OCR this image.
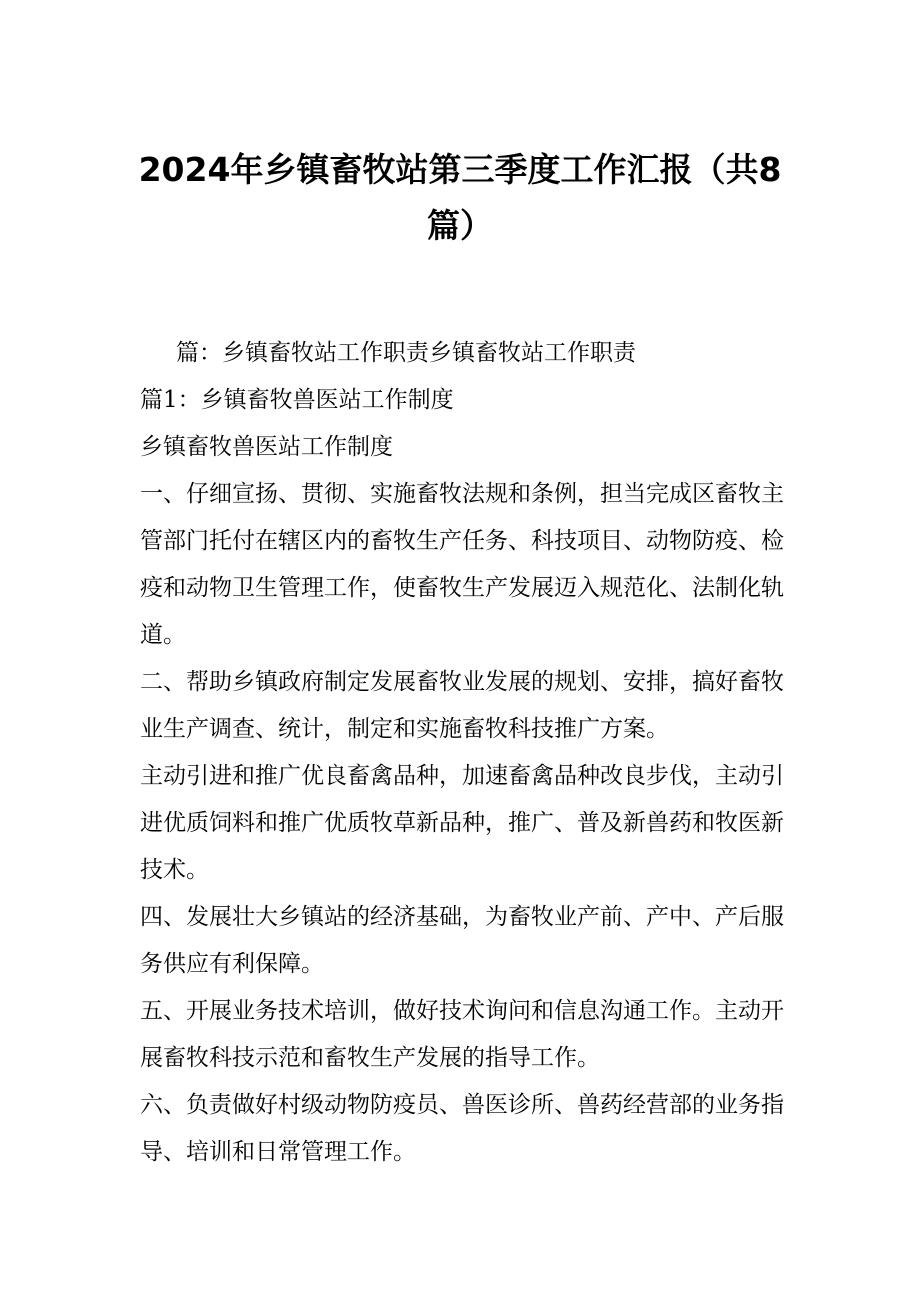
2024年乡镇畜牧站第三季度工作汇报（共8
篇）

篇：乡镇畜牧站工作职责乡镇畜牧站工作职责

篇1：乡镇畜牧兽医站工作制度

乡镇畜牧兽医站工作制度

一、仔细宣扬、贯彻、实施畜牧法规和条例，担当完成区畜牧主管部门托付在辖区内的畜牧生产任务、科技项目、动物防疫、检疫和动物卫生管理工作，使畜牧生产发展迈入规范化、法制化轨道。

二、帮助乡镇政府制定发展畜牧业发展的规划、安排，搞好畜牧业生产调查、统计，制定和实施畜牧科技推广方案。

主动引进和推广优良畜禽品种，加速畜禽品种改良步伐，主动引进优质饲料和推广优质牧草新品种，推广、普及新兽药和牧医新技术。

四、发展壮大乡镇站的经济基础，为畜牧业产前、产中、产后服务供应有利保障。

五、开展业务技术培训，做好技术询问和信息沟通工作。主动开展畜牧科技示范和畜牧生产发展的指导工作。

六、负责做好村级动物防疫员、兽医诊所、兽药经营部的业务指导、培训和日常管理工作。
